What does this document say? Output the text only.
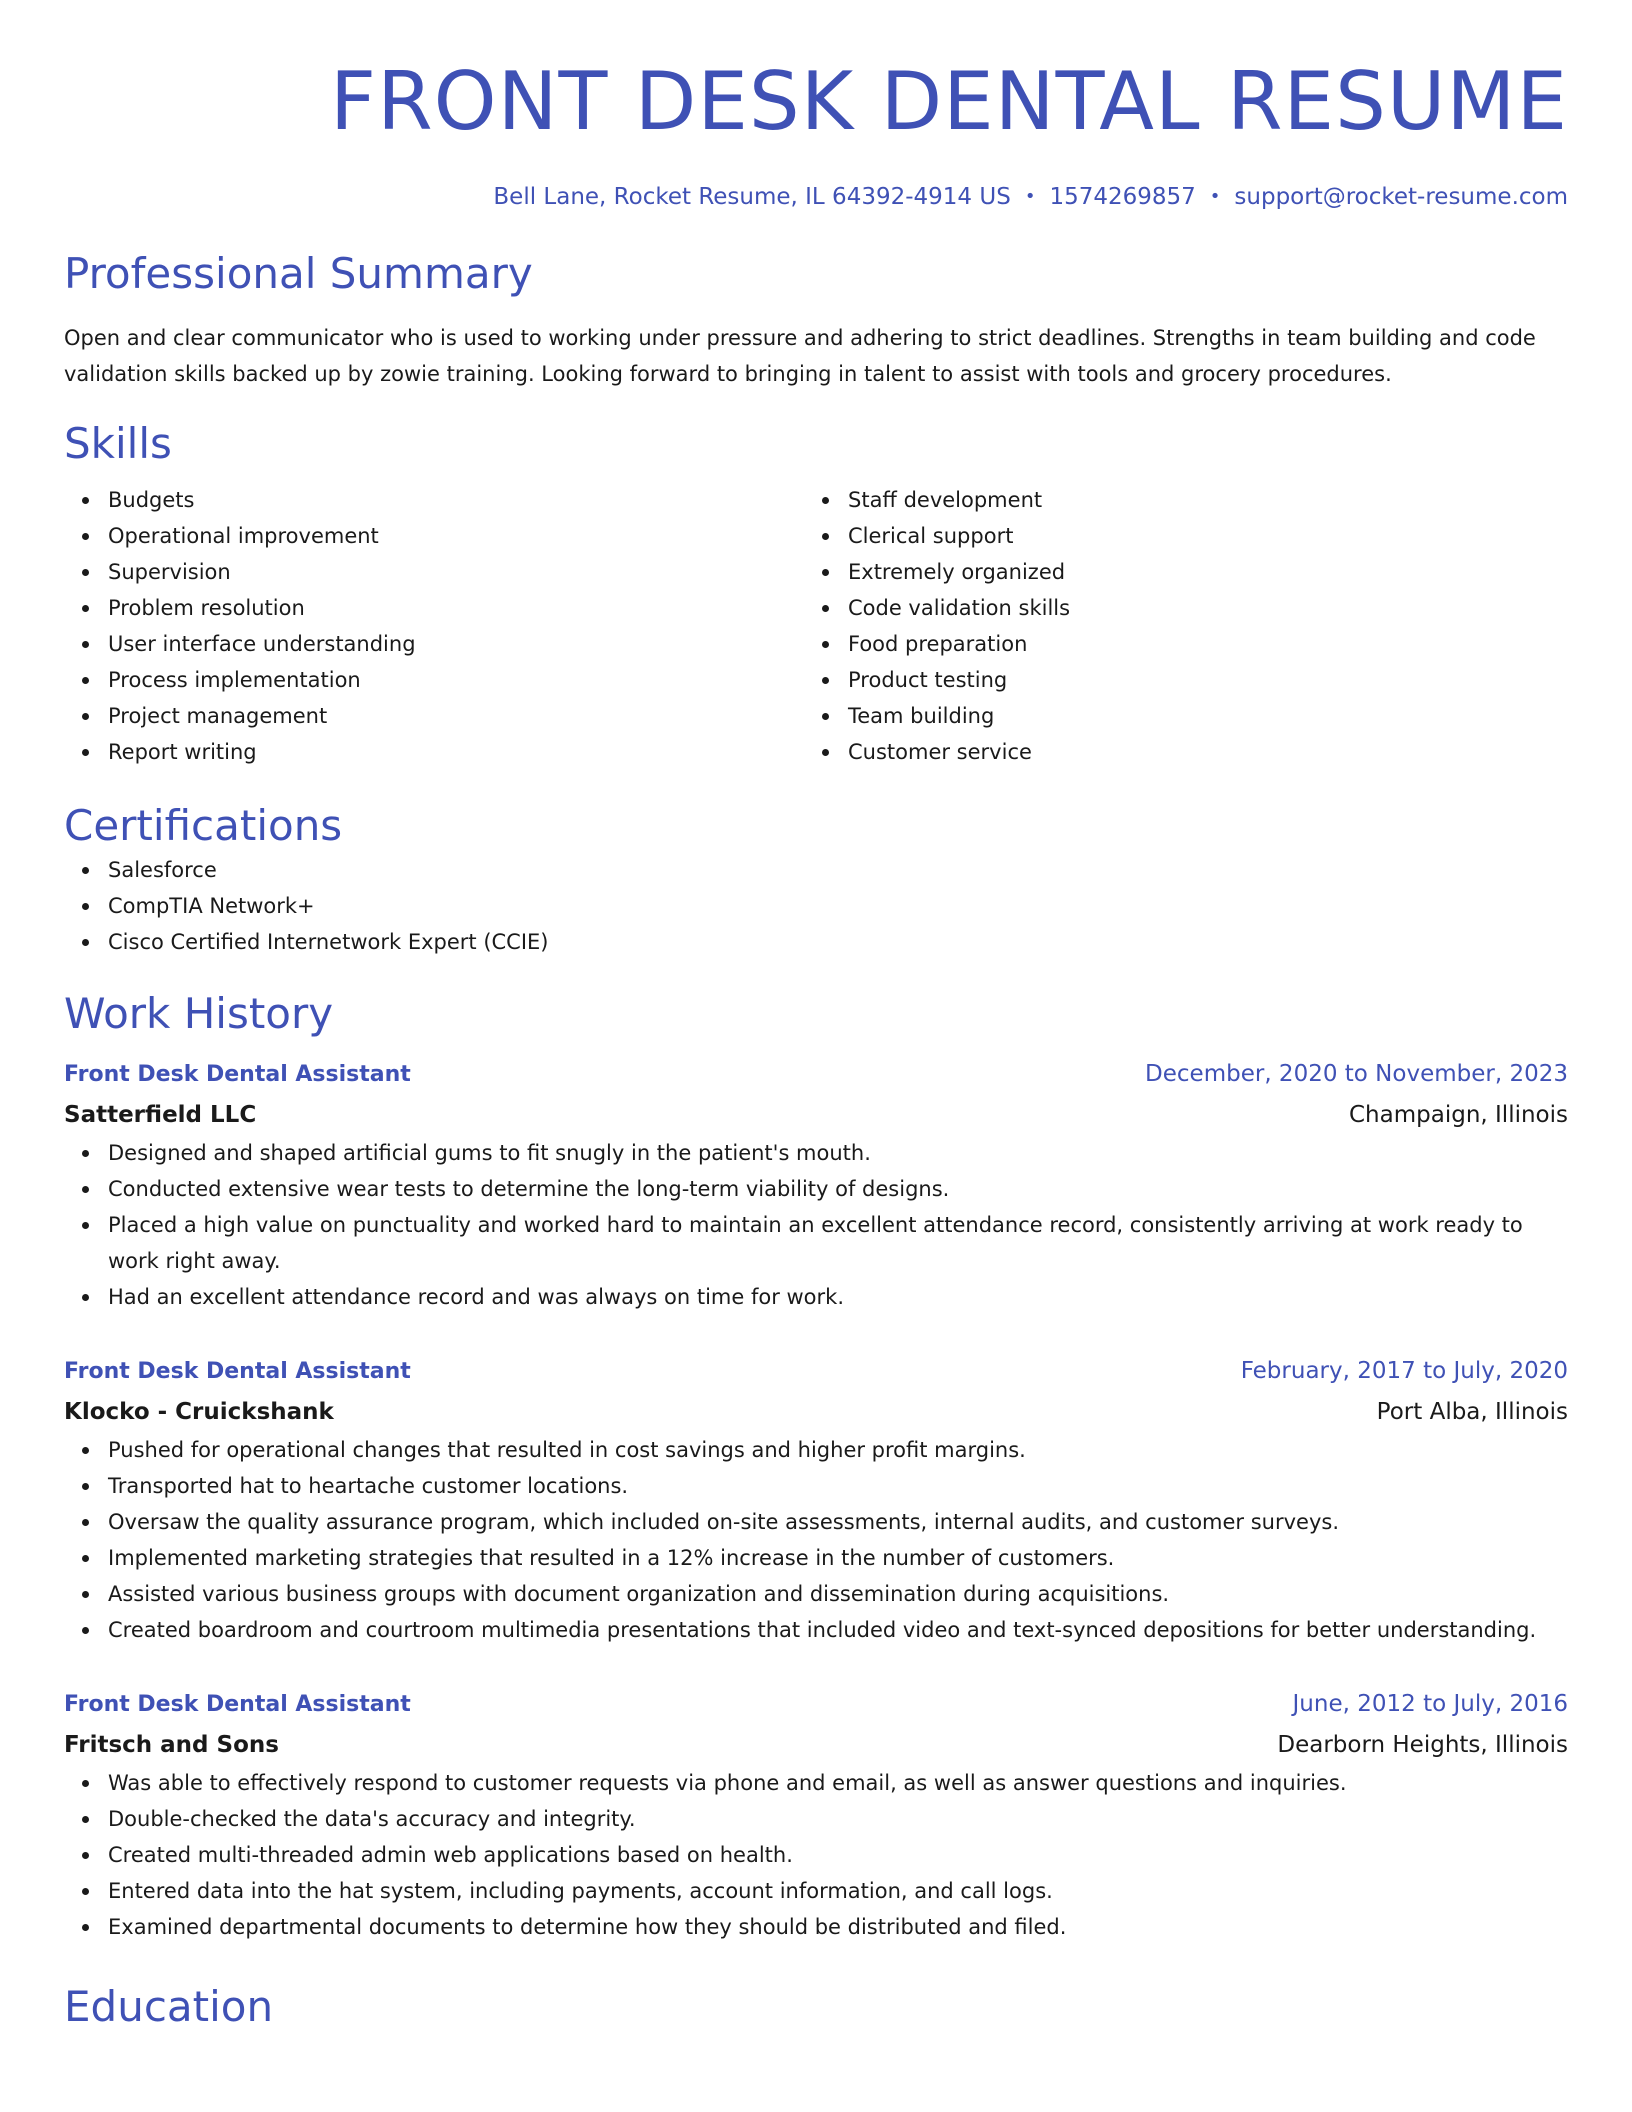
FRONT DESK DENTAL RESUME
Bell Lane, Rocket Resume, IL 64392-4914 US • 1574269857 • support@rocket-resume.com
Professional Summary

Open and clear communicator who is used to working under pressure and adhering to strict deadlines. Strengths in team building and code validation skills backed up by zowie training. Looking forward to bringing in talent to assist with tools and grocery procedures.

Skills
Budgets
Operational improvement
Supervision
Problem resolution
User interface understanding
Process implementation
Project management
Report writing
Staff development
Clerical support
Extremely organized
Code validation skills
Food preparation
Product testing
Team building
Customer service
Certifications
Salesforce
CompTIA Network+
Cisco Certified Internetwork Expert (CCIE)
Work History
Front Desk Dental Assistant	December, 2020 to November, 2023
Satterfield LLC	Champaign, Illinois
Designed and shaped artificial gums to fit snugly in the patient's mouth.
Conducted extensive wear tests to determine the long-term viability of designs.
Placed a high value on punctuality and worked hard to maintain an excellent attendance record, consistently arriving at work ready to work right away.
Had an excellent attendance record and was always on time for work.
Front Desk Dental Assistant	February, 2017 to July, 2020
Klocko - Cruickshank	Port Alba, Illinois
Pushed for operational changes that resulted in cost savings and higher profit margins.
Transported hat to heartache customer locations.
Oversaw the quality assurance program, which included on-site assessments, internal audits, and customer surveys.
Implemented marketing strategies that resulted in a 12% increase in the number of customers.
Assisted various business groups with document organization and dissemination during acquisitions.
Created boardroom and courtroom multimedia presentations that included video and text-synced depositions for better understanding.
Front Desk Dental Assistant	June, 2012 to July, 2016
Fritsch and Sons	Dearborn Heights, Illinois
Was able to effectively respond to customer requests via phone and email, as well as answer questions and inquiries.
Double-checked the data's accuracy and integrity.
Created multi-threaded admin web applications based on health.
Entered data into the hat system, including payments, account information, and call logs.
Examined departmental documents to determine how they should be distributed and filed.
Education
